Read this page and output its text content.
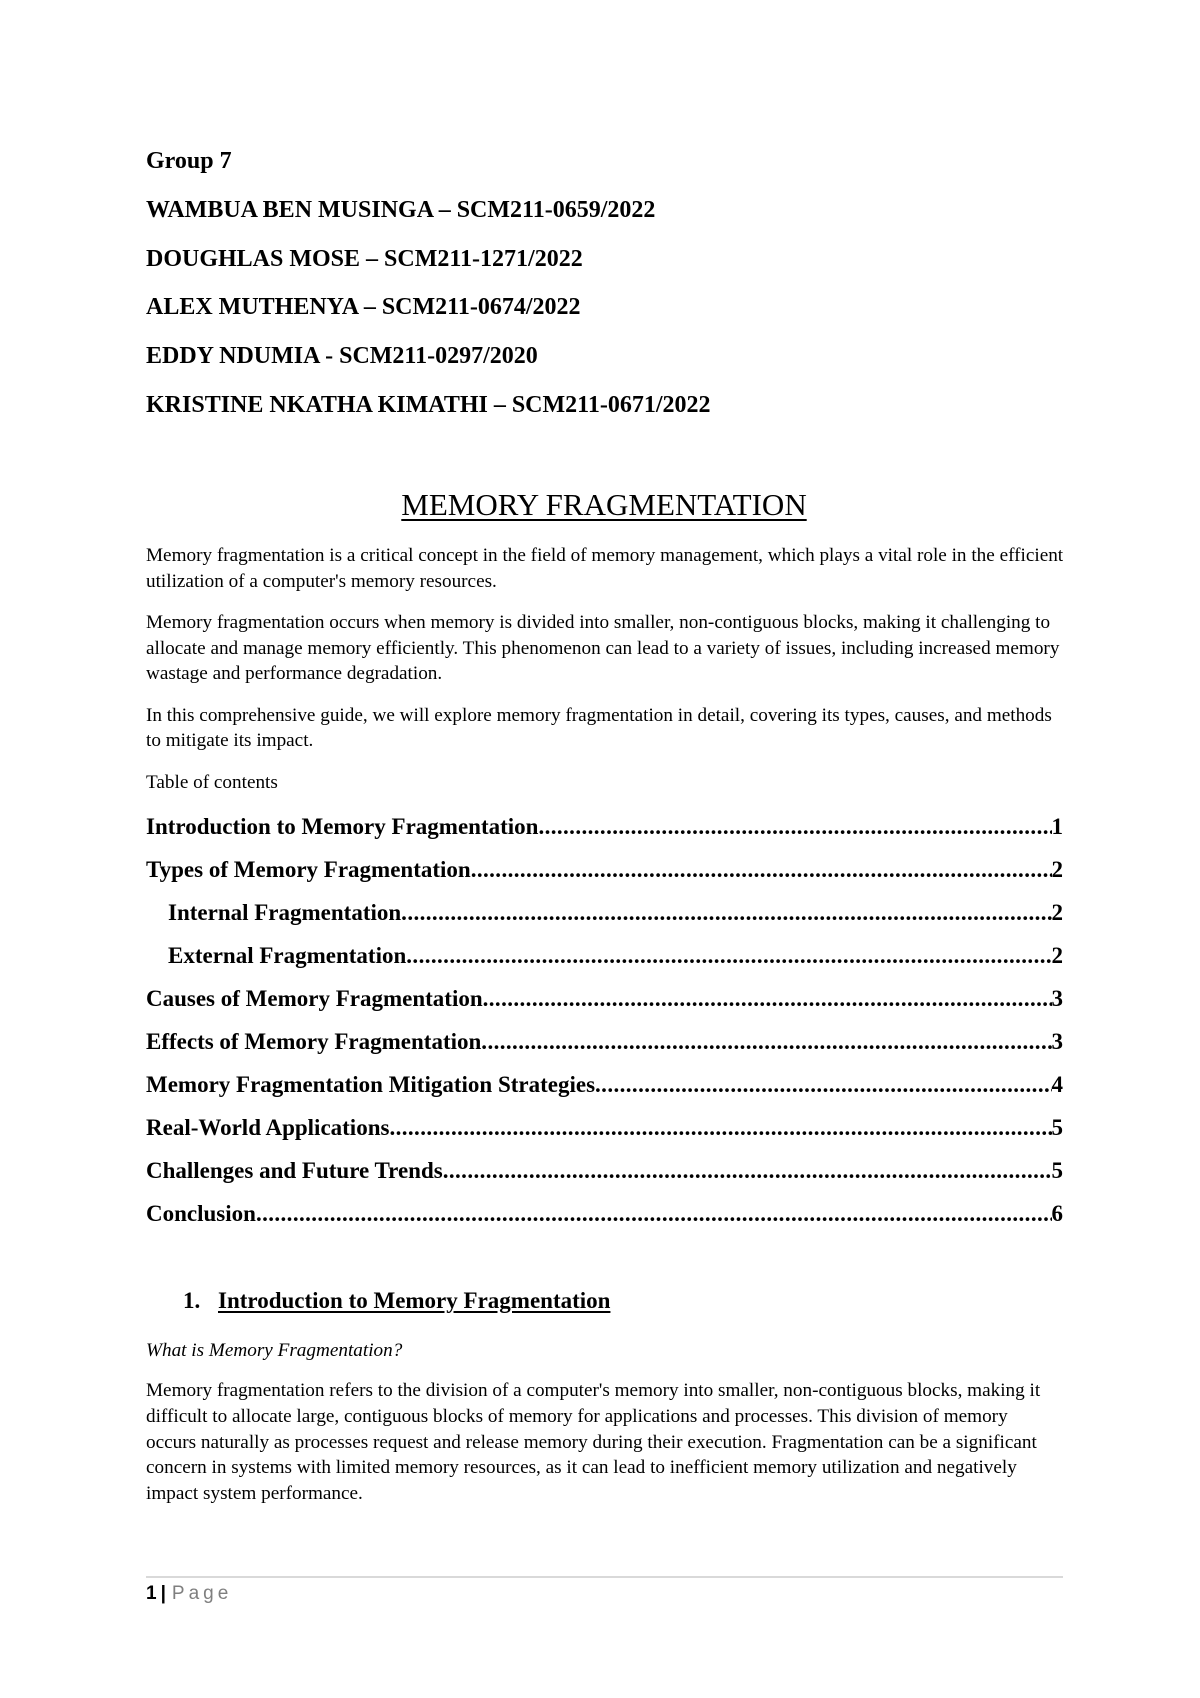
Group 7
WAMBUA BEN MUSINGA – SCM211-0659/2022
DOUGHLAS MOSE – SCM211-1271/2022
ALEX MUTHENYA – SCM211-0674/2022
EDDY NDUMIA - SCM211-0297/2020
KRISTINE NKATHA KIMATHI – SCM211-0671/2022
MEMORY FRAGMENTATION

Memory fragmentation is a critical concept in the field of memory management, which plays a vital role in the efficient utilization of a computer's memory resources.

Memory fragmentation occurs when memory is divided into smaller, non-contiguous blocks, making it challenging to allocate and manage memory efficiently. This phenomenon can lead to a variety of issues, including increased memory wastage and performance degradation.

In this comprehensive guide, we will explore memory fragmentation in detail, covering its types, causes, and methods to mitigate its impact.

Table of contents
Introduction to Memory Fragmentation .....	1
Types of Memory Fragmentation .....	2
Internal Fragmentation .....	2
External Fragmentation .....	2
Causes of Memory Fragmentation .....	3
Effects of Memory Fragmentation .....	3
Memory Fragmentation Mitigation Strategies .....	4
Real-World Applications .....	5
Challenges and Future Trends .....	5
Conclusion .....	6
1. Introduction to Memory Fragmentation
What is Memory Fragmentation?

Memory fragmentation refers to the division of a computer's memory into smaller, non-contiguous blocks, making it difficult to allocate large, contiguous blocks of memory for applications and processes. This division of memory occurs naturally as processes request and release memory during their execution. Fragmentation can be a significant concern in systems with limited memory resources, as it can lead to inefficient memory utilization and negatively impact system performance.

1 | Page
